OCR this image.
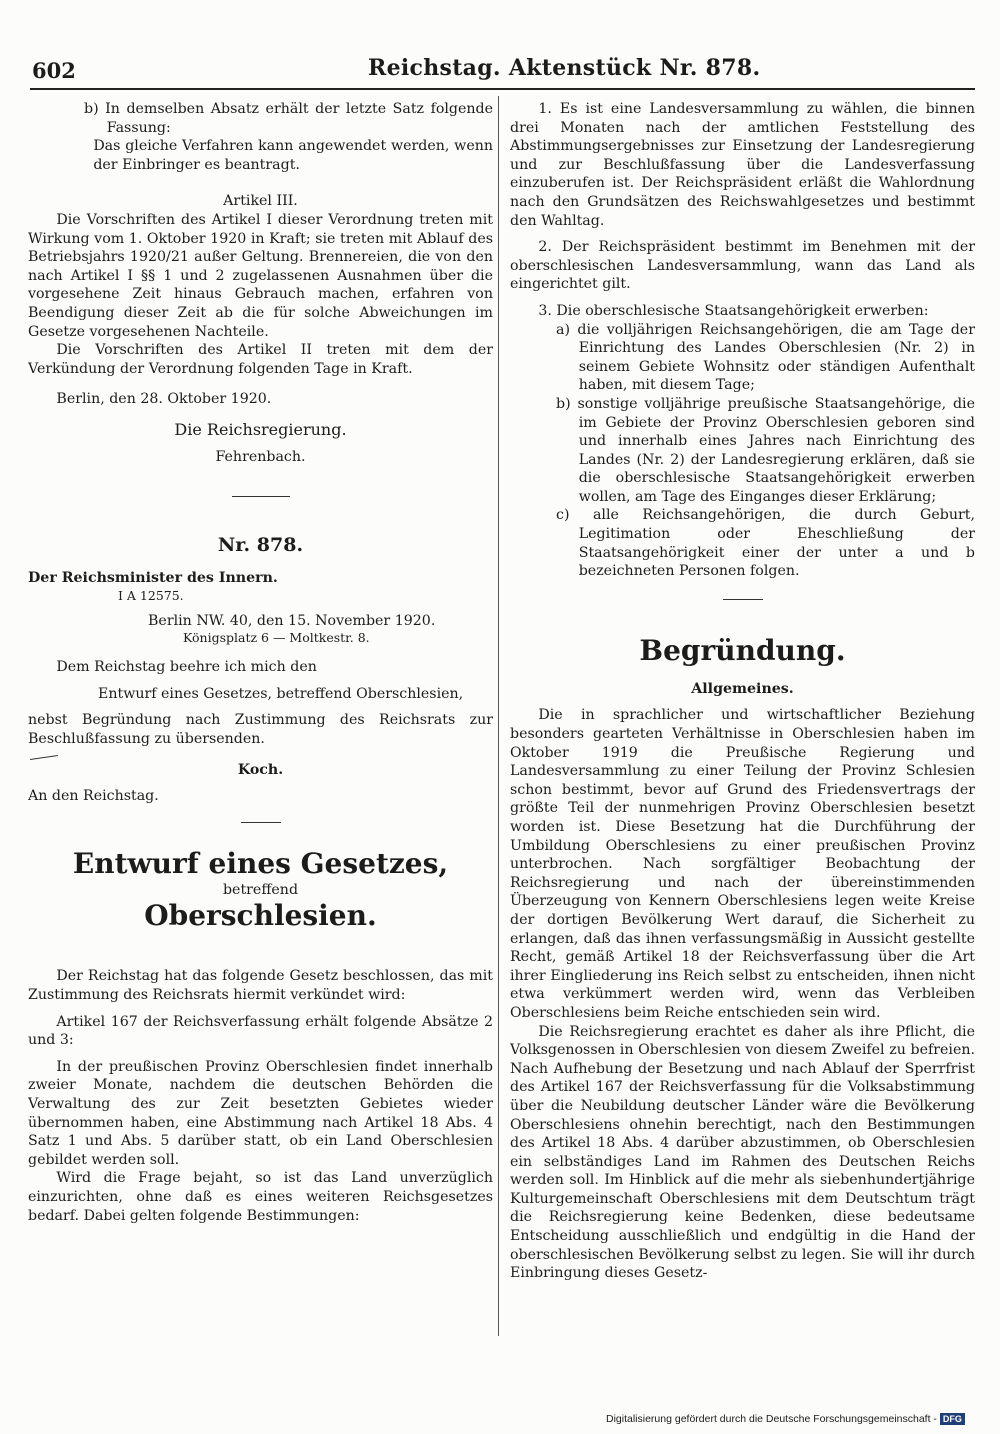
602	Reichstag. Aktenstück Nr. 878.

b) In demselben Absatz erhält der letzte Satz folgende Fassung:

Das gleiche Verfahren kann angewendet werden, wenn der Einbringer es beantragt.

Artikel III.

Die Vorschriften des Artikel I dieser Verordnung treten mit Wirkung vom 1. Oktober 1920 in Kraft; sie treten mit Ablauf des Betriebsjahrs 1920/21 außer Geltung. Brennereien, die von den nach Artikel I §§ 1 und 2 zugelassenen Ausnahmen über die vorgesehene Zeit hinaus Gebrauch machen, erfahren von Beendigung dieser Zeit ab die für solche Abweichungen im Gesetze vorgesehenen Nachteile.

Die Vorschriften des Artikel II treten mit dem der Verkündung der Verordnung folgenden Tage in Kraft.

Berlin, den 28. Oktober 1920.

Die Reichsregierung.

Fehrenbach.

Nr. 878.

Der Reichsminister des Innern.

I A 12575.

Berlin NW. 40, den 15. November 1920.

Königsplatz 6 — Moltkestr. 8.

Dem Reichstag beehre ich mich den

Entwurf eines Gesetzes, betreffend Oberschlesien,

nebst Begründung nach Zustimmung des Reichsrats zur Beschlußfassung zu übersenden.

Koch.

An den Reichstag.

Entwurf eines Gesetzes,

betreffend

Oberschlesien.

Der Reichstag hat das folgende Gesetz beschlossen, das mit Zustimmung des Reichsrats hiermit verkündet wird:

Artikel 167 der Reichsverfassung erhält folgende Absätze 2 und 3:

In der preußischen Provinz Oberschlesien findet innerhalb zweier Monate, nachdem die deutschen Behörden die Verwaltung des zur Zeit besetzten Gebietes wieder übernommen haben, eine Abstimmung nach Artikel 18 Abs. 4 Satz 1 und Abs. 5 darüber statt, ob ein Land Oberschlesien gebildet werden soll.

Wird die Frage bejaht, so ist das Land unverzüglich einzurichten, ohne daß es eines weiteren Reichsgesetzes bedarf. Dabei gelten folgende Bestimmungen:

1. Es ist eine Landesversammlung zu wählen, die binnen drei Monaten nach der amtlichen Feststellung des Abstimmungsergebnisses zur Einsetzung der Landesregierung und zur Beschlußfassung über die Landesverfassung einzuberufen ist. Der Reichspräsident erläßt die Wahlordnung nach den Grundsätzen des Reichswahlgesetzes und bestimmt den Wahltag.

2. Der Reichspräsident bestimmt im Benehmen mit der oberschlesischen Landesversammlung, wann das Land als eingerichtet gilt.

3. Die oberschlesische Staatsangehörigkeit erwerben:

a) die volljährigen Reichsangehörigen, die am Tage der Einrichtung des Landes Oberschlesien (Nr. 2) in seinem Gebiete Wohnsitz oder ständigen Aufenthalt haben, mit diesem Tage;

b) sonstige volljährige preußische Staatsangehörige, die im Gebiete der Provinz Oberschlesien geboren sind und innerhalb eines Jahres nach Einrichtung des Landes (Nr. 2) der Landesregierung erklären, daß sie die oberschlesische Staatsangehörigkeit erwerben wollen, am Tage des Einganges dieser Erklärung;

c) alle Reichsangehörigen, die durch Geburt, Legitimation oder Eheschließung der Staatsangehörigkeit einer der unter a und b bezeichneten Personen folgen.

Begründung.

Allgemeines.

Die in sprachlicher und wirtschaftlicher Beziehung besonders gearteten Verhältnisse in Oberschlesien haben im Oktober 1919 die Preußische Regierung und Landesversammlung zu einer Teilung der Provinz Schlesien schon bestimmt, bevor auf Grund des Friedensvertrags der größte Teil der nunmehrigen Provinz Oberschlesien besetzt worden ist. Diese Besetzung hat die Durchführung der Umbildung Oberschlesiens zu einer preußischen Provinz unterbrochen. Nach sorgfältiger Beobachtung der Reichsregierung und nach der übereinstimmenden Überzeugung von Kennern Oberschlesiens legen weite Kreise der dortigen Bevölkerung Wert darauf, die Sicherheit zu erlangen, daß das ihnen verfassungsmäßig in Aussicht gestellte Recht, gemäß Artikel 18 der Reichsverfassung über die Art ihrer Eingliederung ins Reich selbst zu entscheiden, ihnen nicht etwa verkümmert werden wird, wenn das Verbleiben Oberschlesiens beim Reiche entschieden sein wird.

Die Reichsregierung erachtet es daher als ihre Pflicht, die Volksgenossen in Oberschlesien von diesem Zweifel zu befreien. Nach Aufhebung der Besetzung und nach Ablauf der Sperrfrist des Artikel 167 der Reichsverfassung für die Volksabstimmung über die Neubildung deutscher Länder wäre die Bevölkerung Oberschlesiens ohnehin berechtigt, nach den Bestimmungen des Artikel 18 Abs. 4 darüber abzustimmen, ob Oberschlesien ein selbständiges Land im Rahmen des Deutschen Reichs werden soll. Im Hinblick auf die mehr als siebenhundertjährige Kulturgemeinschaft Oberschlesiens mit dem Deutschtum trägt die Reichsregierung keine Bedenken, diese bedeutsame Entscheidung ausschließlich und endgültig in die Hand der oberschlesischen Bevölkerung selbst zu legen. Sie will ihr durch Einbringung dieses Gesetz-

Digitalisierung gefördert durch die Deutsche Forschungsgemeinschaft - DFG
